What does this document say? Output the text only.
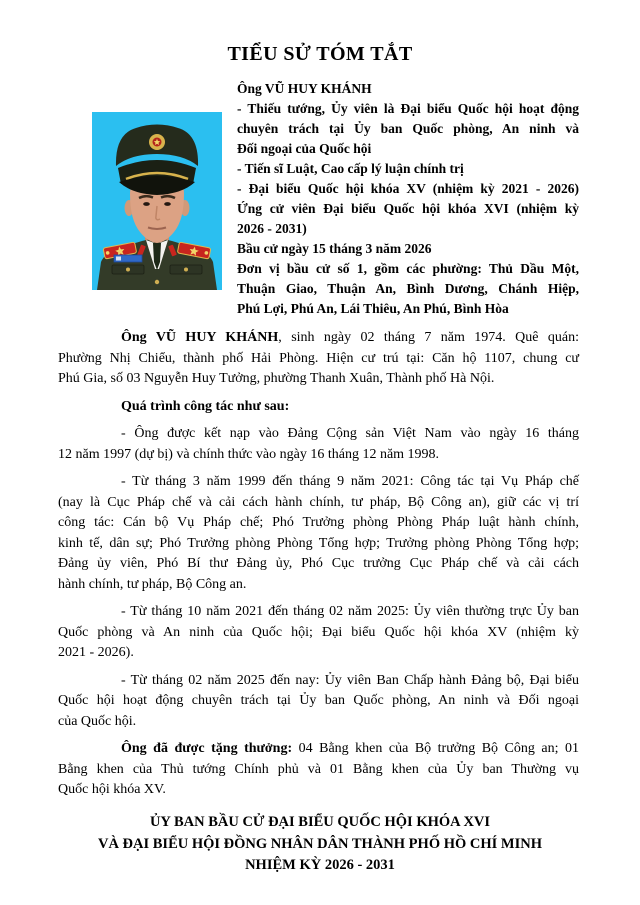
TIỂU SỬ TÓM TẮT
Ông VŨ HUY KHÁNH
- Thiếu tướng, Ủy viên là Đại biểu Quốc hội hoạt động
chuyên trách tại Ủy ban Quốc phòng, An ninh và
Đối ngoại của Quốc hội
- Tiến sĩ Luật, Cao cấp lý luận chính trị
- Đại biểu Quốc hội khóa XV (nhiệm kỳ 2021 - 2026)
Ứng cử viên Đại biểu Quốc hội khóa XVI (nhiệm kỳ
2026 - 2031)
Bầu cử ngày 15 tháng 3 năm 2026
Đơn vị bầu cử số 1, gồm các phường: Thủ Dầu Một,
Thuận Giao, Thuận An, Bình Dương, Chánh Hiệp,
Phú Lợi, Phú An, Lái Thiêu, An Phú, Bình Hòa
Ông VŨ HUY KHÁNH, sinh ngày 02 tháng 7 năm 1974. Quê quán:
Phường Nhị Chiểu, thành phố Hải Phòng. Hiện cư trú tại: Căn hộ 1107, chung cư
Phú Gia, số 03 Nguyễn Huy Tưởng, phường Thanh Xuân, Thành phố Hà Nội.
Quá trình công tác như sau:
- Ông được kết nạp vào Đảng Cộng sản Việt Nam vào ngày 16 tháng
12 năm 1997 (dự bị) và chính thức vào ngày 16 tháng 12 năm 1998.
- Từ tháng 3 năm 1999 đến tháng 9 năm 2021: Công tác tại Vụ Pháp chế
(nay là Cục Pháp chế và cải cách hành chính, tư pháp, Bộ Công an), giữ các vị trí
công tác: Cán bộ Vụ Pháp chế; Phó Trưởng phòng Phòng Pháp luật hành chính,
kinh tế, dân sự; Phó Trưởng phòng Phòng Tổng hợp; Trưởng phòng Phòng Tổng hợp;
Đảng ủy viên, Phó Bí thư Đảng ủy, Phó Cục trưởng Cục Pháp chế và cải cách
hành chính, tư pháp, Bộ Công an.
- Từ tháng 10 năm 2021 đến tháng 02 năm 2025: Ủy viên thường trực Ủy ban
Quốc phòng và An ninh của Quốc hội; Đại biểu Quốc hội khóa XV (nhiệm kỳ
2021 - 2026).
- Từ tháng 02 năm 2025 đến nay: Ủy viên Ban Chấp hành Đảng bộ, Đại biểu
Quốc hội hoạt động chuyên trách tại Ủy ban Quốc phòng, An ninh và Đối ngoại
của Quốc hội.
Ông đã được tặng thưởng: 04 Bằng khen của Bộ trưởng Bộ Công an; 01
Bằng khen của Thủ tướng Chính phủ và 01 Bằng khen của Ủy ban Thường vụ
Quốc hội khóa XV.
ỦY BAN BẦU CỬ ĐẠI BIỂU QUỐC HỘI KHÓA XVI
VÀ ĐẠI BIỂU HỘI ĐỒNG NHÂN DÂN THÀNH PHỐ HỒ CHÍ MINH
NHIỆM KỲ 2026 - 2031
